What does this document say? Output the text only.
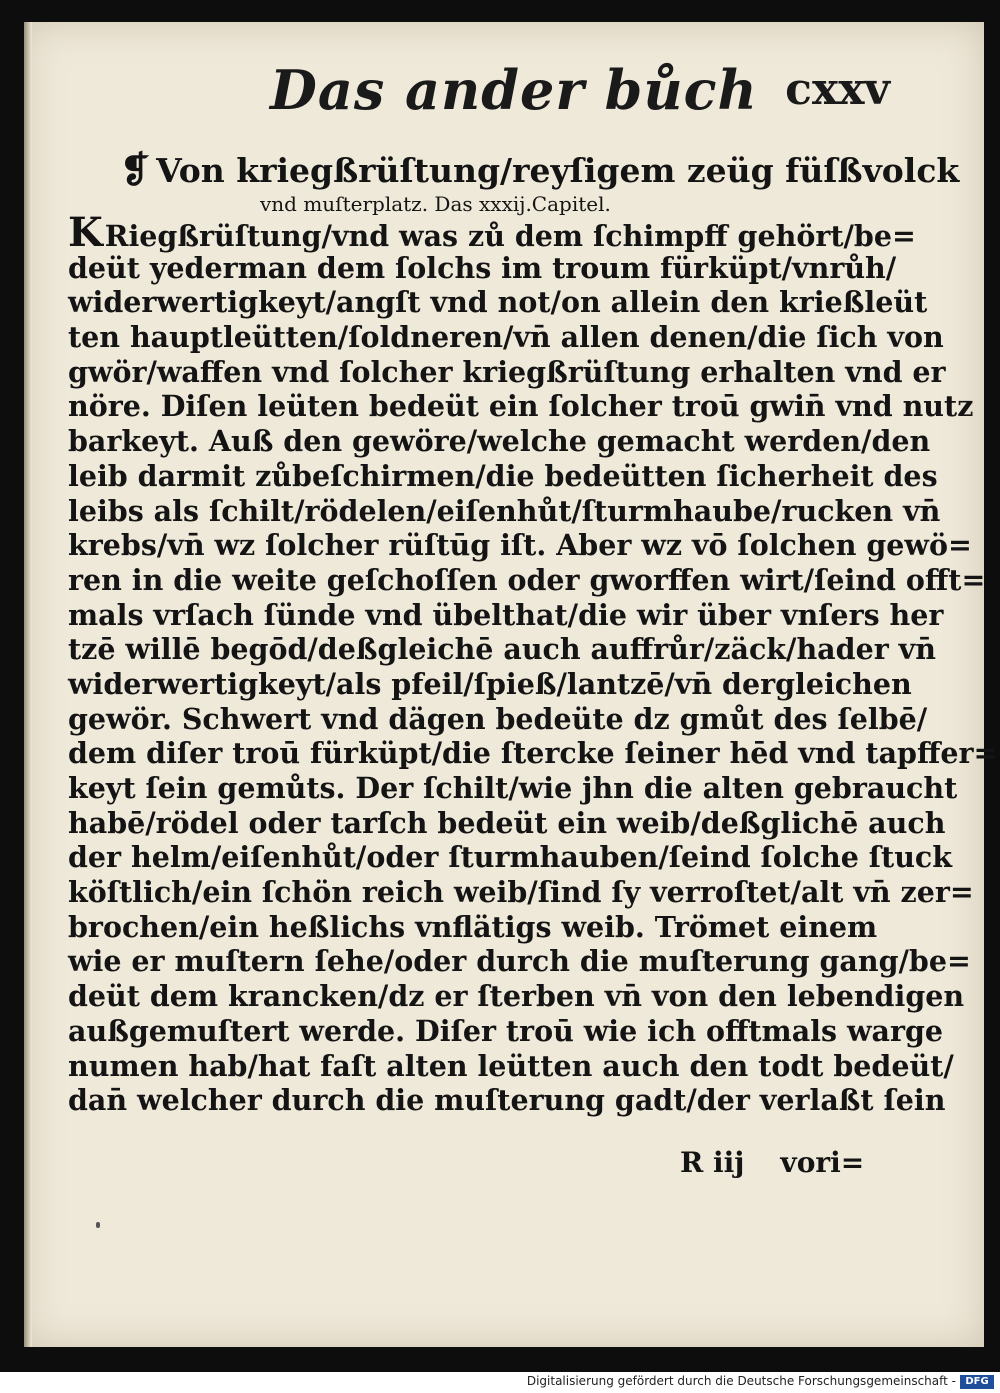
Das ander bůch cxxv
❡ Von kriegßrüſtung/reyſigem zeüg füſßvolck
vnd muſterplatz. Das xxxij.Capitel.
KRiegßrüſtung/vnd was zů dem ſchimpff gehört/be=
deüt yederman dem ſolchs im troum fürküpt/vnrůh/
widerwertigkeyt/angſt vnd not/on allein den krießleüt
ten hauptleütten/ſoldneren/vn̄ allen denen/die ſich von
gwör/waffen vnd ſolcher kriegßrüſtung erhalten vnd er
nöre. Diſen leüten bedeüt ein ſolcher troū gwin̄ vnd nutz
barkeyt. Auß den gewöre/welche gemacht werden/den
leib darmit zůbeſchirmen/die bedeütten ſicherheit des
leibs als ſchilt/rödelen/eiſenhůt/ſturmhaube/rucken vn̄
krebs/vn̄ wz ſolcher rüſtūg iſt. Aber wz vō ſolchen gewö=
ren in die weite geſchoſſen oder gworffen wirt/ſeind offt=
mals vrſach ſünde vnd übelthat/die wir über vnſers her
tzē willē begōd/deßgleichē auch auffrůr/zäck/hader vn̄
widerwertigkeyt/als pfeil/ſpieß/lantzē/vn̄ dergleichen
gewör. Schwert vnd dägen bedeüte dz gmůt des ſelbē/
dem diſer troū fürküpt/die ſtercke ſeiner hēd vnd tapffer=
keyt ſein gemůts. Der ſchilt/wie jhn die alten gebraucht
habē/rödel oder tarſch bedeüt ein weib/deßglichē auch
der helm/eiſenhůt/oder ſturmhauben/ſeind ſolche ſtuck
köſtlich/ein ſchön reich weib/ſind ſy verroſtet/alt vn̄ zer=
brochen/ein heßlichs vnflätigs weib. Trömet einem
wie er muſtern ſehe/oder durch die muſterung gang/be=
deüt dem krancken/dz er ſterben vn̄ von den lebendigen
außgemuſtert werde. Diſer troū wie ich offtmals warge
numen hab/hat faſt alten leütten auch den todt bedeüt/
dan̄ welcher durch die muſterung gadt/der verlaßt ſein
R iij vori=
Digitalisierung gefördert durch die Deutsche Forschungsgemeinschaft - DFG
